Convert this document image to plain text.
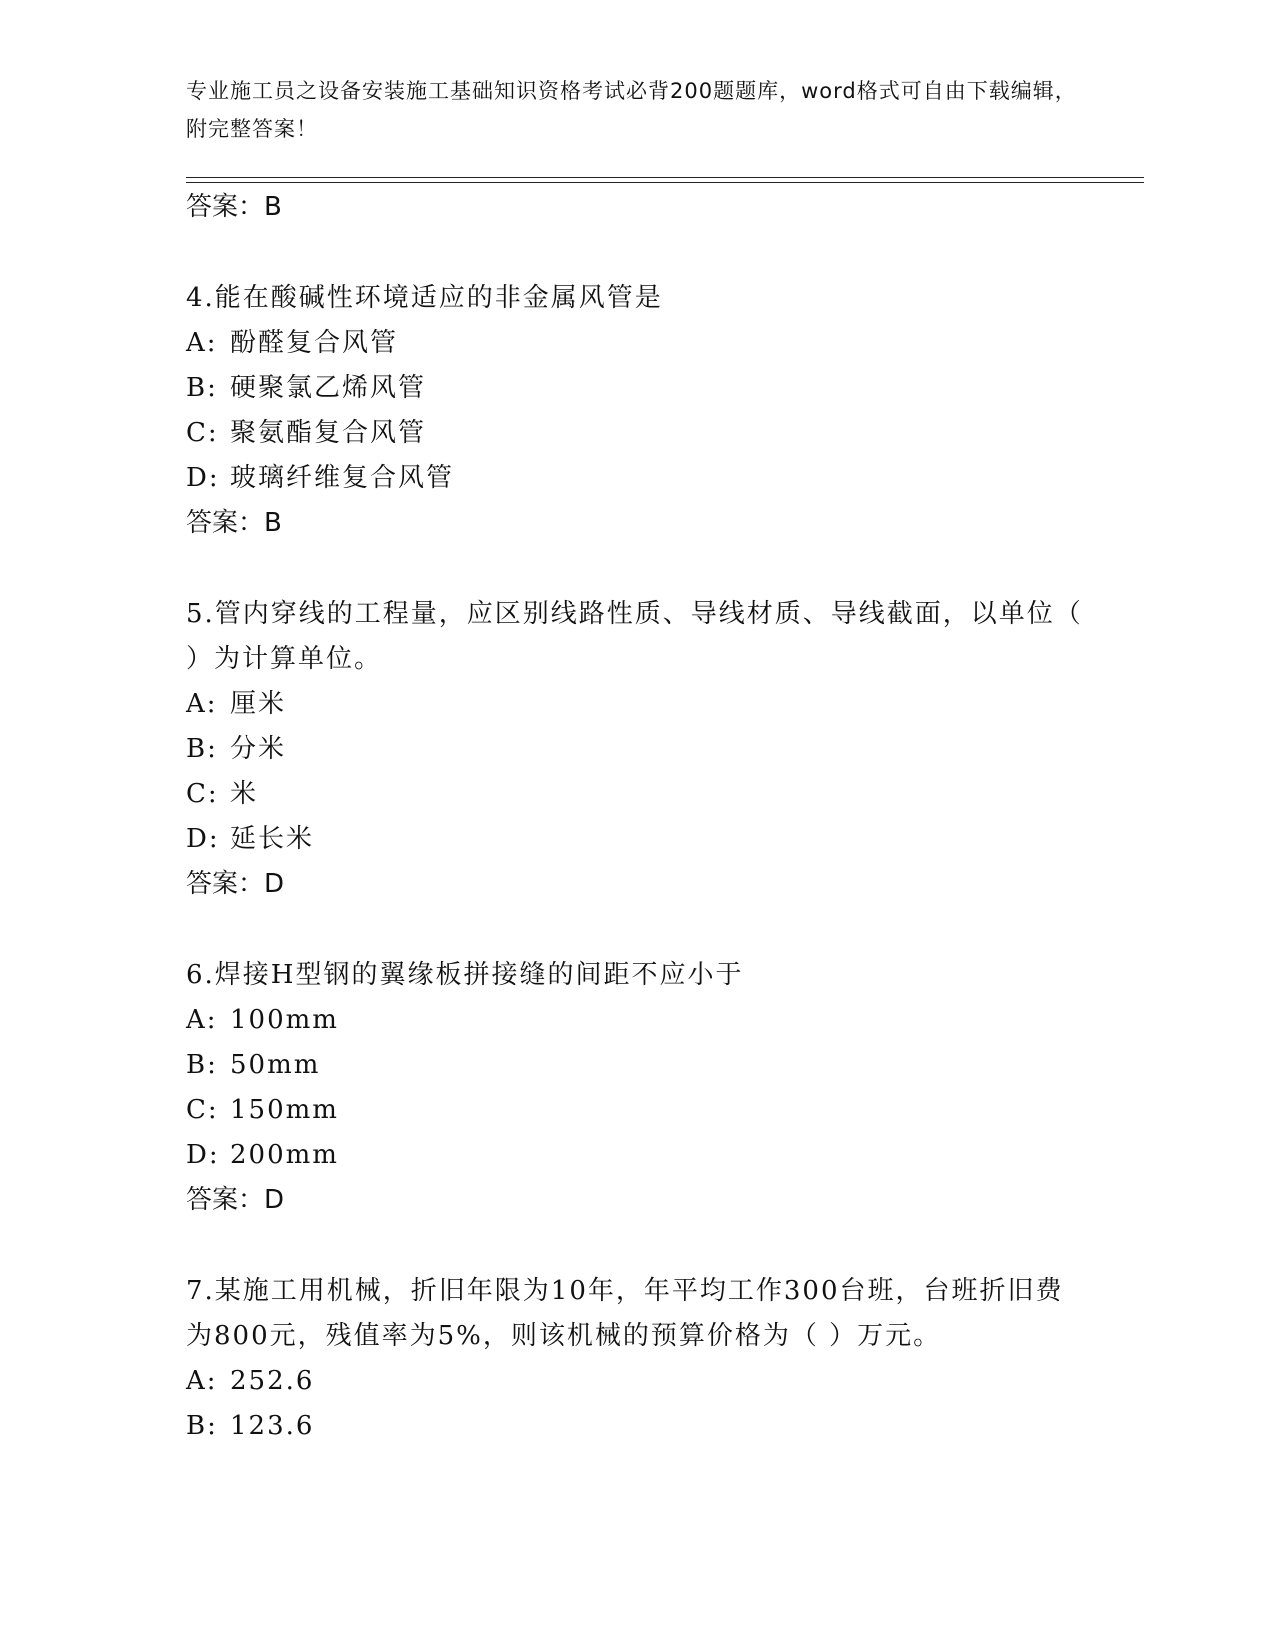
专业施工员之设备安装施工基础知识资格考试必背200题题库，word格式可自由下载编辑，附完整答案！
答案：B
4.能在酸碱性环境适应的非金属风管是
A: 酚醛复合风管
B: 硬聚氯乙烯风管
C: 聚氨酯复合风管
D: 玻璃纤维复合风管
答案：B
5.管内穿线的工程量，应区别线路性质、导线材质、导线截面，以单位（ ）为计算单位。
A: 厘米
B: 分米
C: 米
D: 延长米
答案：D
6.焊接H型钢的翼缘板拼接缝的间距不应小于
A: 100mm
B: 50mm
C: 150mm
D: 200mm
答案：D
7.某施工用机械，折旧年限为10年，年平均工作300台班，台班折旧费为800元，残值率为5%，则该机械的预算价格为（ ）万元。
A: 252.6
B: 123.6
